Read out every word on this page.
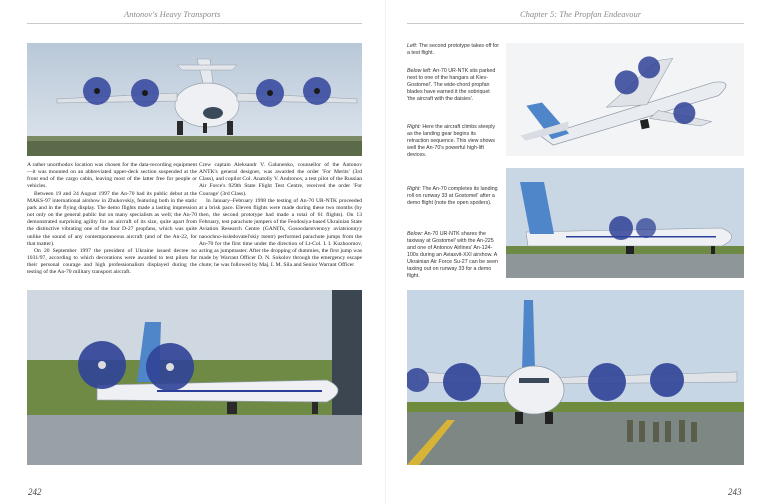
Antonov's Heavy Transports	Chapter 5: The Propfan Endeavour

A rather unorthodox location was chosen for the data-recording equipment—it was mounted on an abbreviated upper-deck section suspended at the front end of the cargo cabin, leaving most of the latter free for people or vehicles.

Between 19 and 24 August 1997 the An-70 had its public debut at the MAKS-97 international airshow in Zhukovskiy, featuring both in the static park and in the flying display. The demo flights made a lasting impression not only on the general public but on many specialists as well; the An-70 demonstrated surprising agility for an aircraft of its size, quite apart from the distinctive vibrating one of the four D-27 propfans, which was quite unlike the sound of any contemporaneous aircraft (and of the An-22, for that matter).

On 20 September 1997 the president of Ukraine issued decree no 1031/97, according to which decorations were awarded to test pilots for their personal courage and high professionalism displayed during the testing of the An-70 military transport aircraft.

Crew captain Aleksandr V. Galunenko, counsellor of the Antonov ANTK's general designer, was awarded the order 'For Merits' (3rd Class), and copilot Col. Anatoliy V. Andronov, a test pilot of the Russian Air Force's 929th State Flight Test Centre, received the order 'For Courage' (3rd Class).

In January–February 1998 the testing of An-70 UR-NTK proceeded at a brisk pace. Eleven flights were made during these two months (by then, the second prototype had made a total of 61 flights). On 13 February, test parachute jumpers of the Feodosiya-based Ukrainian State Aviation Research Centre (GANITs, Gosoodarstvennyy aviatsionnyy naoochno-issledovatel'skiy tsentr) performed parachute jumps from the An-70 for the first time under the direction of Lt-Col. I. I. Kuzhoomov, acting as jumpmaster. After the dropping of dummies, the first jump was made by Warrant Officer D. N. Sokolov through the emergency escape chute; he was followed by Maj. I. M. Sila and Senior Warrant Officer

242
Left: The second prototype takes off for a test flight.
Below left: An-70 UR-NTK sits parked next to one of the hangars at Kiev-Gostomel'. The wide-chord propfan blades have earned it the sobriquet 'the aircraft with the daisies'.
Right: Here the aircraft climbs steeply as the landing gear begins its retraction sequence. This view shows well the An-70's powerful high-lift devices.
Right: The An-70 completes its landing roll on runway 33 at Gostomel' after a demo flight (note the open spoilers).
Below: An-70 UR-NTK shares the taxiway at Gostomel' with the An-225 and one of Antonov Airlines' An-124-100s during an Aviasvit-XXI airshow. A Ukrainian Air Force Su-27 can be seen taxiing out on runway 33 for a demo flight.
243
